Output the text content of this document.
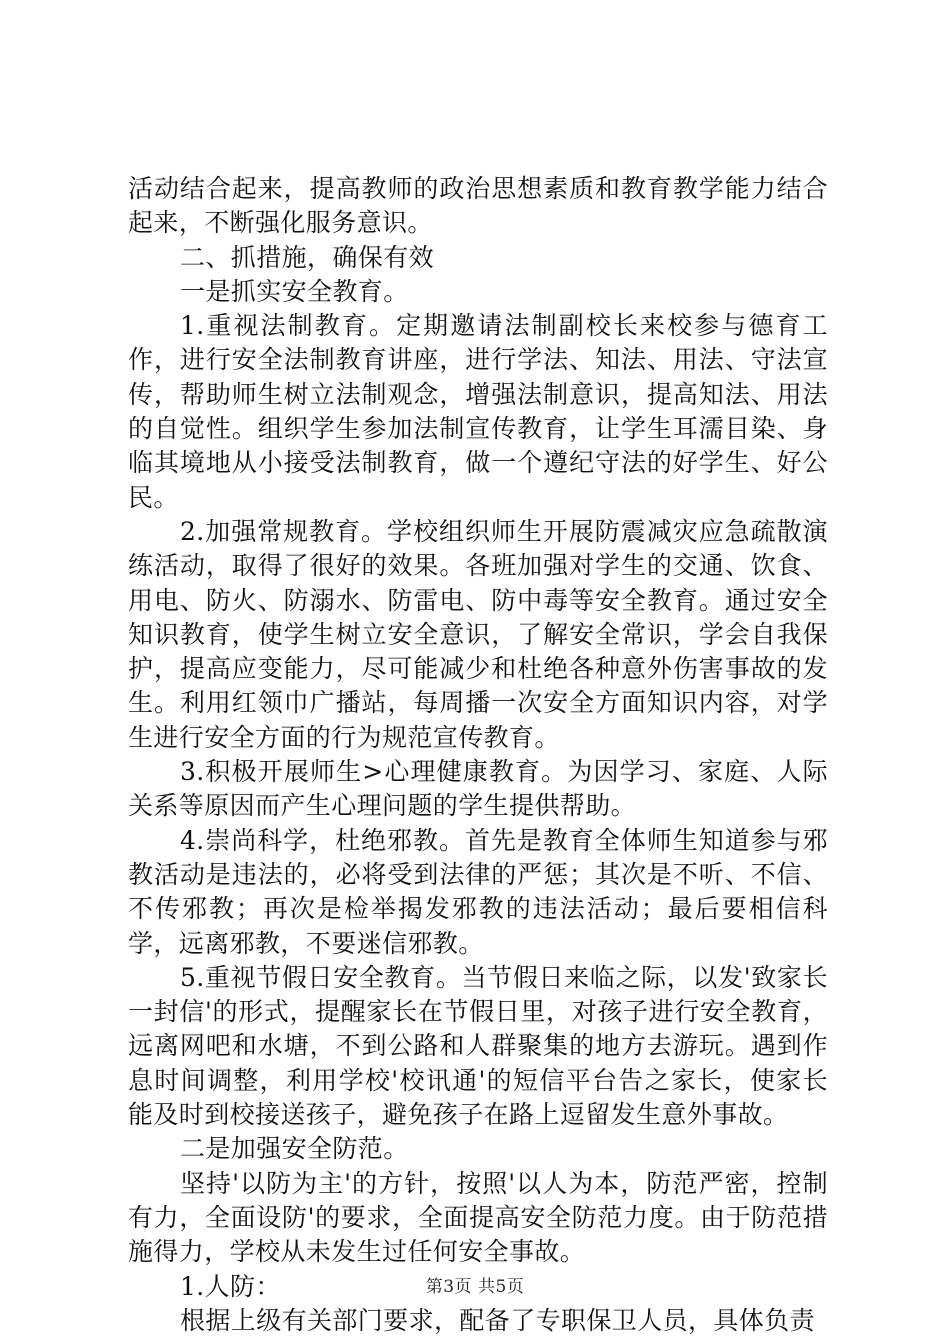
活动结合起来，提高教师的政治思想素质和教育教学能力结合起来，不断强化服务意识。

二、抓措施，确保有效

一是抓实安全教育。

1.重视法制教育。定期邀请法制副校长来校参与德育工作，进行安全法制教育讲座，进行学法、知法、用法、守法宣传，帮助师生树立法制观念，增强法制意识，提高知法、用法的自觉性。组织学生参加法制宣传教育，让学生耳濡目染、身临其境地从小接受法制教育，做一个遵纪守法的好学生、好公民。

2.加强常规教育。学校组织师生开展防震减灾应急疏散演练活动，取得了很好的效果。各班加强对学生的交通、饮食、用电、防火、防溺水、防雷电、防中毒等安全教育。通过安全知识教育，使学生树立安全意识，了解安全常识，学会自我保护，提高应变能力，尽可能减少和杜绝各种意外伤害事故的发生。利用红领巾广播站，每周播一次安全方面知识内容，对学生进行安全方面的行为规范宣传教育。

3.积极开展师生>心理健康教育。为因学习、家庭、人际关系等原因而产生心理问题的学生提供帮助。

4.崇尚科学，杜绝邪教。首先是教育全体师生知道参与邪教活动是违法的，必将受到法律的严惩；其次是不听、不信、不传邪教；再次是检举揭发邪教的违法活动；最后要相信科学，远离邪教，不要迷信邪教。

5.重视节假日安全教育。当节假日来临之际，以发'致家长一封信'的形式，提醒家长在节假日里，对孩子进行安全教育，远离网吧和水塘，不到公路和人群聚集的地方去游玩。遇到作息时间调整，利用学校'校讯通'的短信平台告之家长，使家长能及时到校接送孩子，避免孩子在路上逗留发生意外事故。

二是加强安全防范。

坚持'以防为主'的方针，按照'以人为本，防范严密，控制有力，全面设防'的要求，全面提高安全防范力度。由于防范措施得力，学校从未发生过任何安全事故。

1.人防：

根据上级有关部门要求，配备了专职保卫人员，具体负责

第3页 共5页
